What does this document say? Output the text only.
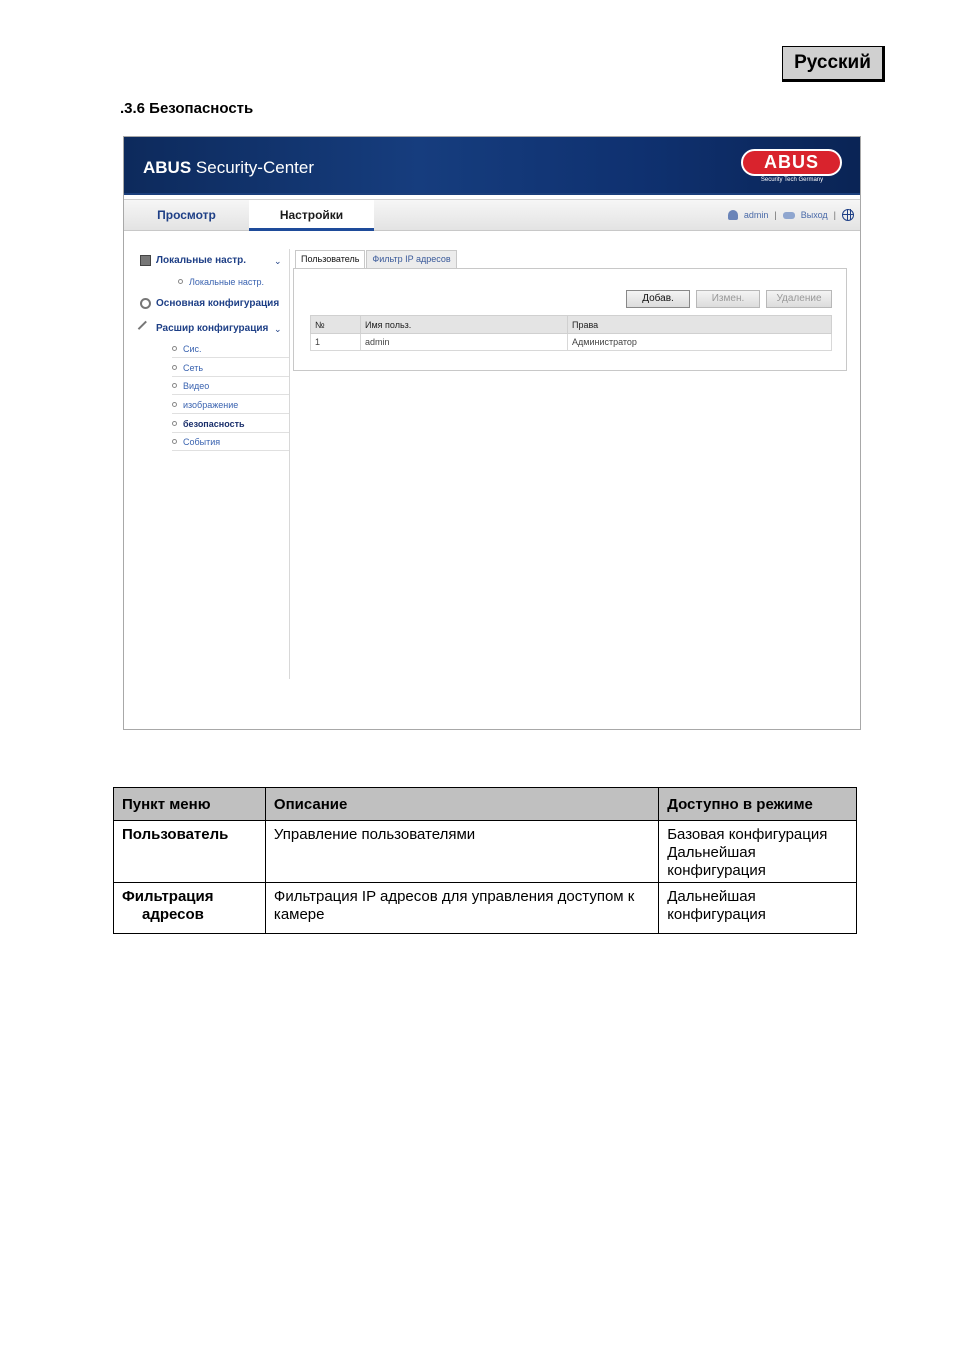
Русский
.3.6 Безопасность
ABUS Security-Center	ABUS
Security Tech Germany
Просмотр	Настройки	admin |	Выход |
Локальные настр.	⌄
Локальные настр.
Основная конфигурация
Расшир конфигурация ⌄
Сис.
Сеть
Видео
изображение
безопасность
События
Пользователь	Фильтр IP адресов
Добав.	Измен.	Удаление
№	Имя польз.	Права
1	admin	Администратор
Пункт меню	Описание	Доступно в режиме
Пользователь	Управление пользователями	Базовая конфигурация
Дальнейшая конфигурация
Фильтрация
адресов	Фильтрация IP адресов для управления доступом к камере	Дальнейшая конфигурация
